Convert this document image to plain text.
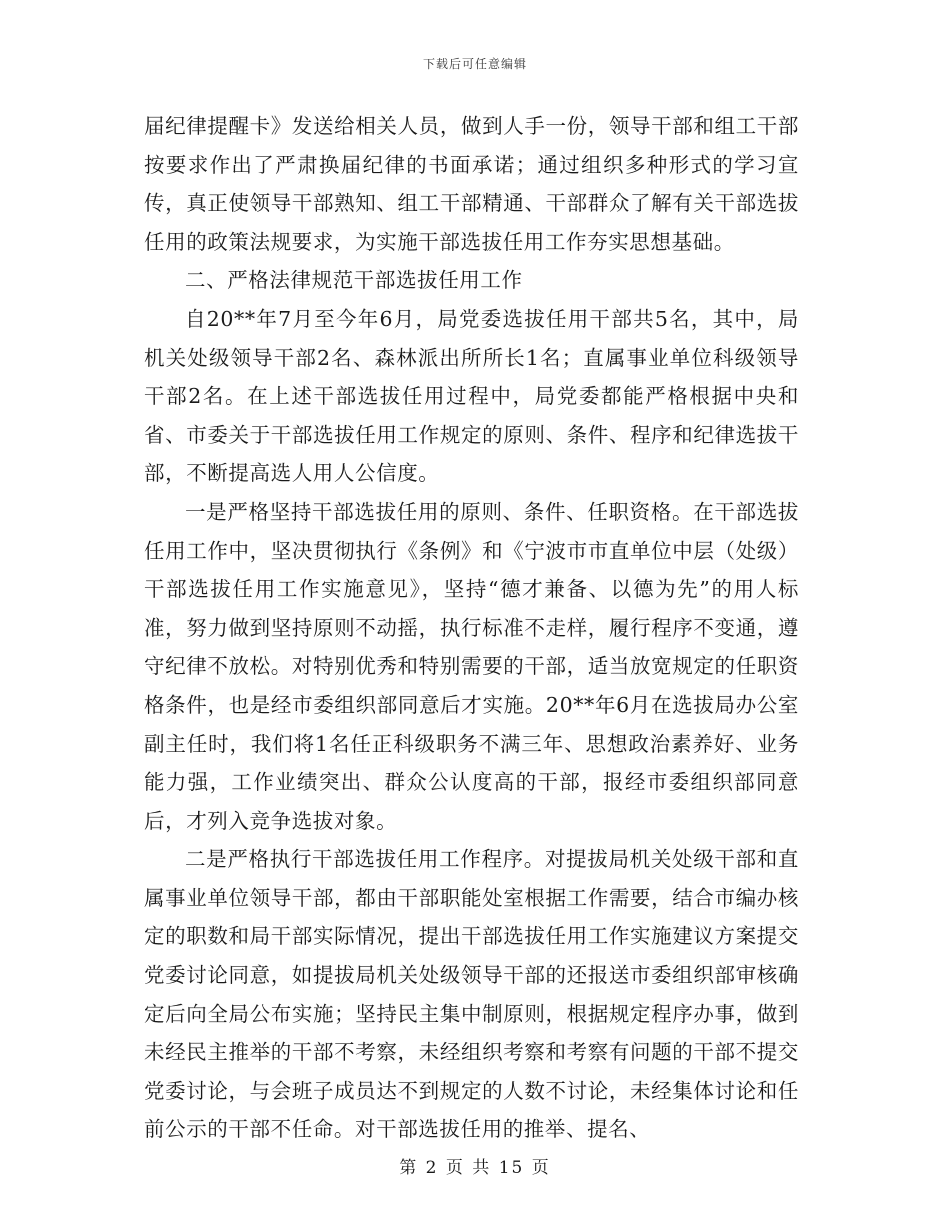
下载后可任意编辑

届纪律提醒卡》发送给相关人员，做到人手一份，领导干部和组工干部按要求作出了严肃换届纪律的书面承诺；通过组织多种形式的学习宣传，真正使领导干部熟知、组工干部精通、干部群众了解有关干部选拔任用的政策法规要求，为实施干部选拔任用工作夯实思想基础。

二、严格法律规范干部选拔任用工作

自20**年7月至今年6月，局党委选拔任用干部共5名，其中，局机关处级领导干部2名、森林派出所所长1名；直属事业单位科级领导干部2名。在上述干部选拔任用过程中，局党委都能严格根据中央和省、市委关于干部选拔任用工作规定的原则、条件、程序和纪律选拔干部，不断提高选人用人公信度。

一是严格坚持干部选拔任用的原则、条件、任职资格。在干部选拔任用工作中，坚决贯彻执行《条例》和《宁波市市直单位中层（处级）干部选拔任用工作实施意见》，坚持“德才兼备、以德为先”的用人标准，努力做到坚持原则不动摇，执行标准不走样，履行程序不变通，遵守纪律不放松。对特别优秀和特别需要的干部，适当放宽规定的任职资格条件，也是经市委组织部同意后才实施。20**年6月在选拔局办公室副主任时，我们将1名任正科级职务不满三年、思想政治素养好、业务能力强，工作业绩突出、群众公认度高的干部，报经市委组织部同意后，才列入竞争选拔对象。

二是严格执行干部选拔任用工作程序。对提拔局机关处级干部和直属事业单位领导干部，都由干部职能处室根据工作需要，结合市编办核定的职数和局干部实际情况，提出干部选拔任用工作实施建议方案提交党委讨论同意，如提拔局机关处级领导干部的还报送市委组织部审核确定后向全局公布实施；坚持民主集中制原则，根据规定程序办事，做到未经民主推举的干部不考察，未经组织考察和考察有问题的干部不提交党委讨论，与会班子成员达不到规定的人数不讨论，未经集体讨论和任前公示的干部不任命。对干部选拔任用的推举、提名、

第 2 页 共 15 页
